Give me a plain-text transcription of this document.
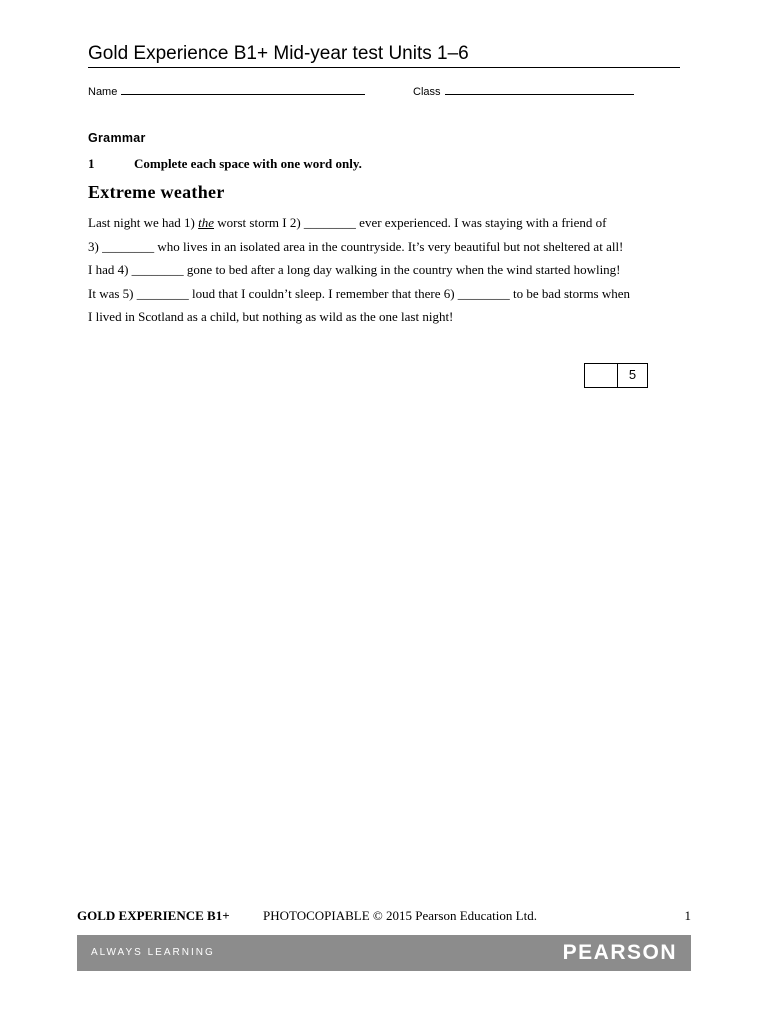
Gold Experience B1+ Mid-year test Units 1–6
Name	Class
Grammar
1	Complete each space with one word only.
Extreme weather
Last night we had 1) the worst storm I 2) ________ ever experienced. I was staying with a friend of
3) ________ who lives in an isolated area in the countryside. It’s very beautiful but not sheltered at all!
I had 4) ________ gone to bed after a long day walking in the country when the wind started howling!
It was 5) ________ loud that I couldn’t sleep. I remember that there 6) ________ to be bad storms when
I lived in Scotland as a child, but nothing as wild as the one last night!
5
GOLD EXPERIENCE B1+	PHOTOCOPIABLE © 2015 Pearson Education Ltd.	1
ALWAYS LEARNING	PEARSON
